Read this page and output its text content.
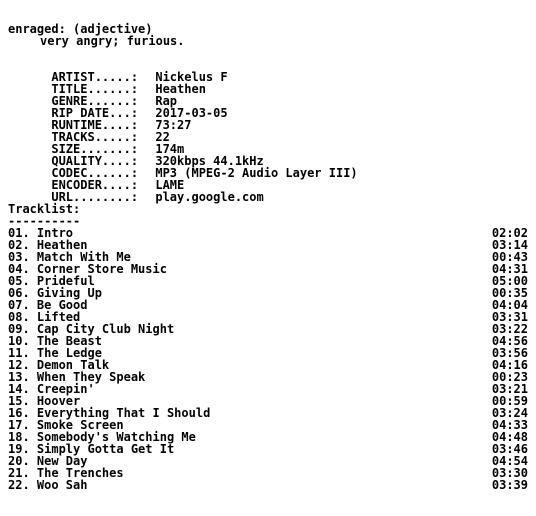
enraged: (adjective)
very angry; furious.

ARTIST.....: Nickelus F

TITLE......: Heathen

GENRE......: Rap

RIP DATE...: 2017-03-05

RUNTIME....: 73:27

TRACKS.....: 22

SIZE.......: 174m

QUALITY....: 320kbps 44.1kHz

CODEC......: MP3 (MPEG-2 Audio Layer III)

ENCODER....: LAME

URL........: play.google.com

Tracklist:
----------
01. Intro	02:02
02. Heathen	03:14
03. Match With Me	00:43
04. Corner Store Music	04:31
05. Prideful	05:00
06. Giving Up	00:35
07. Be Good	04:04
08. Lifted	03:31
09. Cap City Club Night	03:22
10. The Beast	04:56
11. The Ledge	03:56
12. Demon Talk	04:16
13. When They Speak	00:23
14. Creepin'	03:21
15. Hoover	00:59
16. Everything That I Should	03:24
17. Smoke Screen	04:33
18. Somebody's Watching Me	04:48
19. Simply Gotta Get It	03:46
20. New Day	04:54
21. The Trenches	03:30
22. Woo Sah	03:39
